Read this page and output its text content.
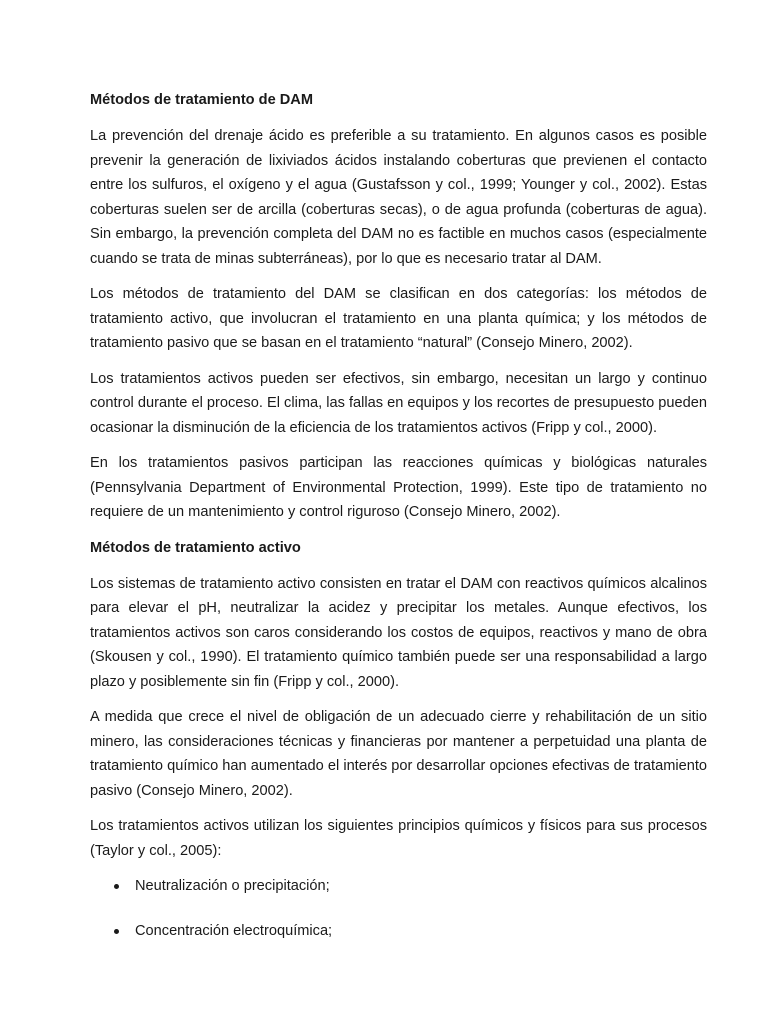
Métodos de tratamiento de DAM

La prevención del drenaje ácido es preferible a su tratamiento. En algunos casos es posible prevenir la generación de lixiviados ácidos instalando coberturas que previenen el contacto entre los sulfuros, el oxígeno y el agua (Gustafsson y col., 1999; Younger y col., 2002). Estas coberturas suelen ser de arcilla (coberturas secas), o de agua profunda (coberturas de agua). Sin embargo, la prevención completa del DAM no es factible en muchos casos (especialmente cuando se trata de minas subterráneas), por lo que es necesario tratar al DAM.

Los métodos de tratamiento del DAM se clasifican en dos categorías: los métodos de tratamiento activo, que involucran el tratamiento en una planta química; y los métodos de tratamiento pasivo que se basan en el tratamiento “natural” (Consejo Minero, 2002).

Los tratamientos activos pueden ser efectivos, sin embargo, necesitan un largo y continuo control durante el proceso. El clima, las fallas en equipos y los recortes de presupuesto pueden ocasionar la disminución de la eficiencia de los tratamientos activos (Fripp y col., 2000).

En los tratamientos pasivos participan las reacciones químicas y biológicas naturales (Pennsylvania Department of Environmental Protection, 1999). Este tipo de tratamiento no requiere de un mantenimiento y control riguroso (Consejo Minero, 2002).

Métodos de tratamiento activo

Los sistemas de tratamiento activo consisten en tratar el DAM con reactivos químicos alcalinos para elevar el pH, neutralizar la acidez y precipitar los metales. Aunque efectivos, los tratamientos activos son caros considerando los costos de equipos, reactivos y mano de obra (Skousen y col., 1990). El tratamiento químico también puede ser una responsabilidad a largo plazo y posiblemente sin fin (Fripp y col., 2000).

A medida que crece el nivel de obligación de un adecuado cierre y rehabilitación de un sitio minero, las consideraciones técnicas y financieras por mantener a perpetuidad una planta de tratamiento químico han aumentado el interés por desarrollar opciones efectivas de tratamiento pasivo (Consejo Minero, 2002).

Los tratamientos activos utilizan los siguientes principios químicos y físicos para sus procesos (Taylor y col., 2005):

Neutralización o precipitación;
Concentración electroquímica;
